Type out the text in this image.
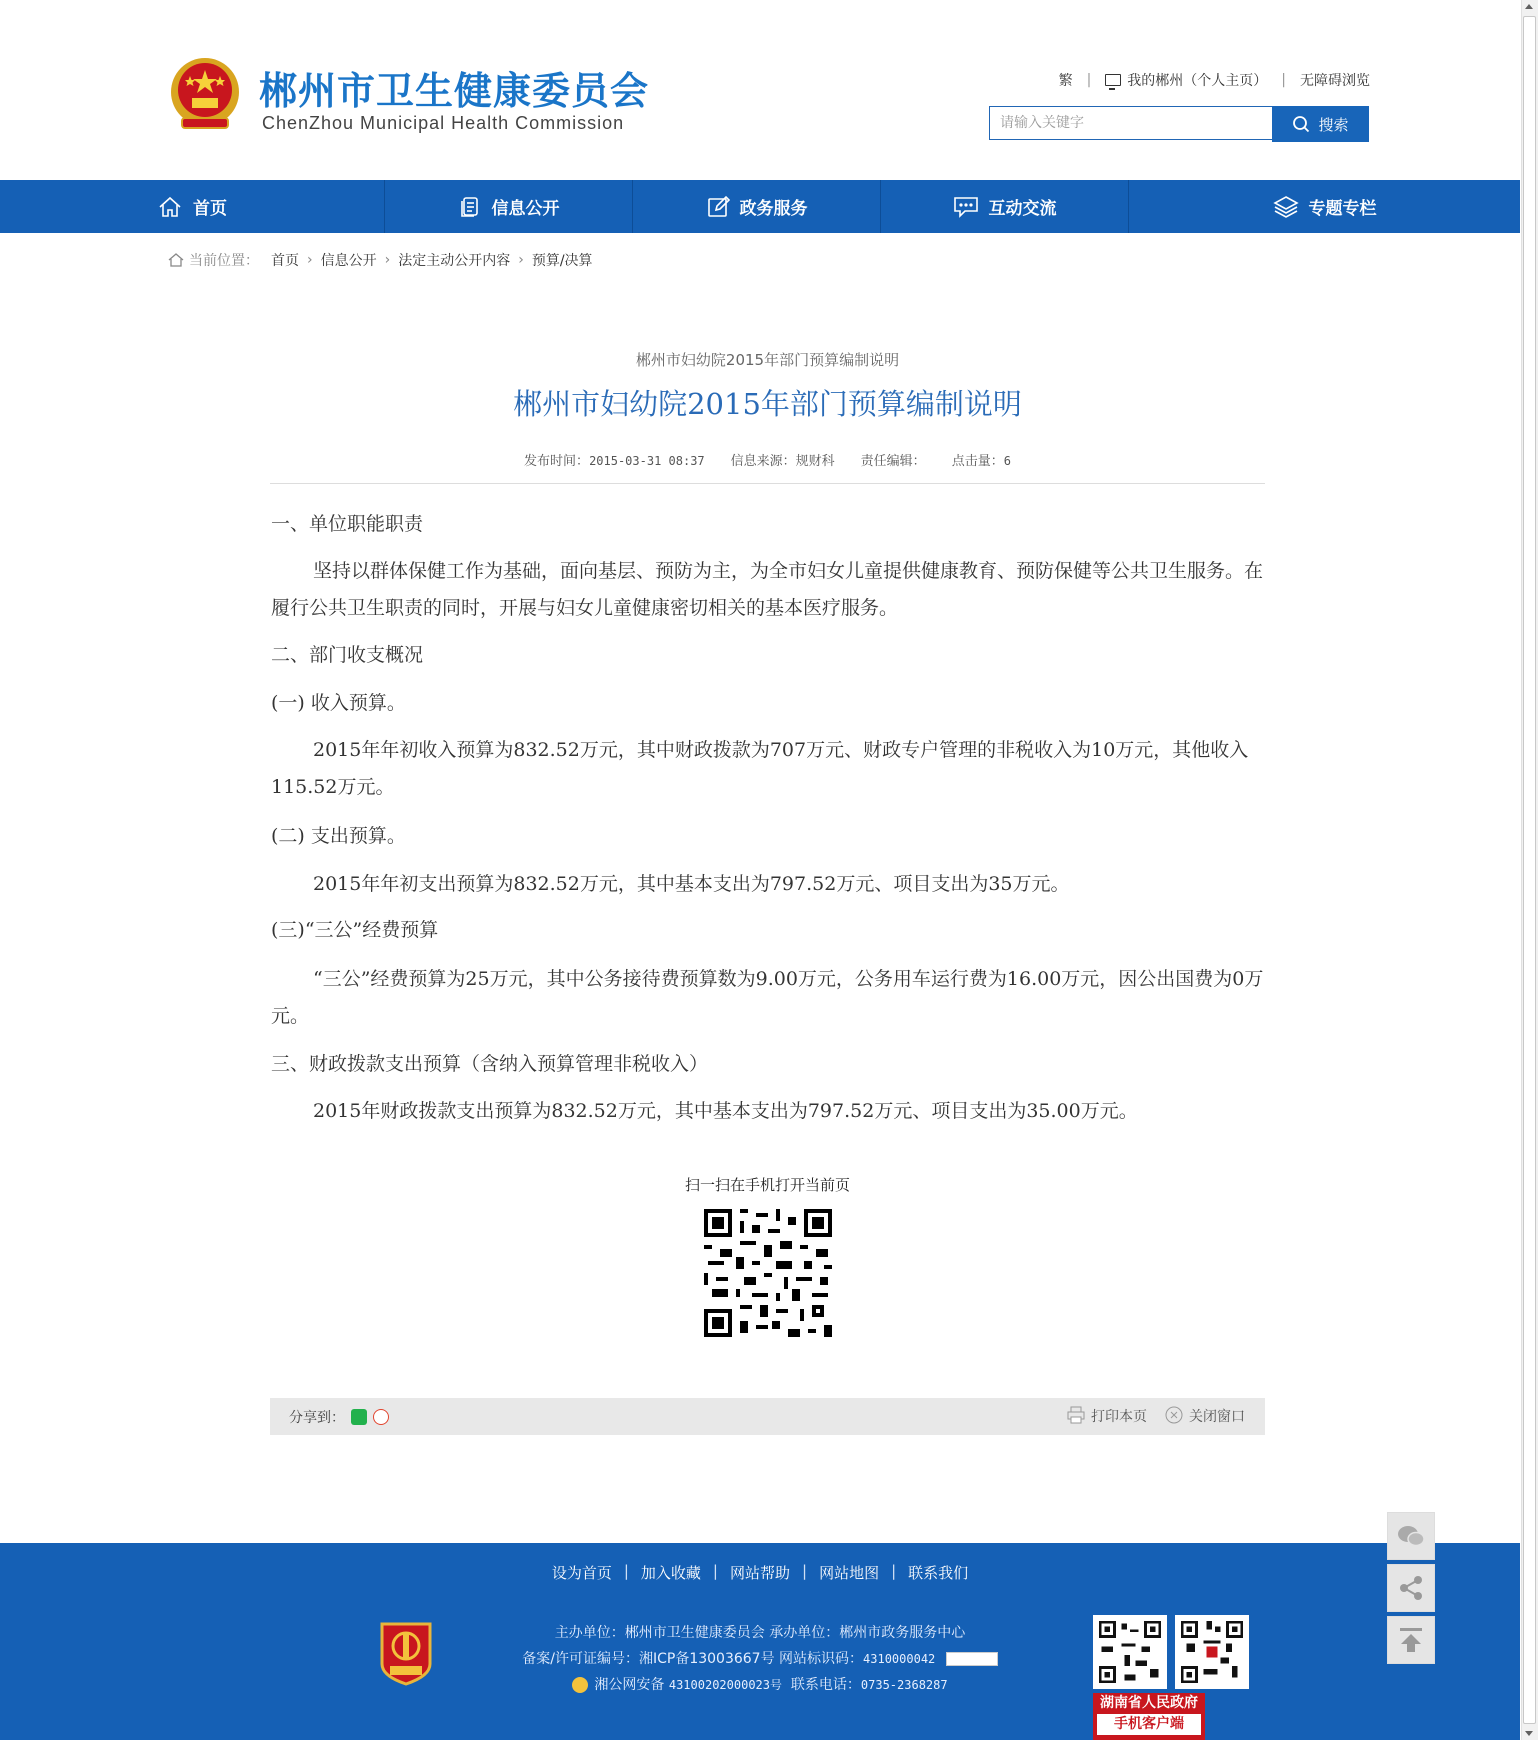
郴州市卫生健康委员会
ChenZhou Municipal Health Commission
繁 |	我的郴州（个人主页） | 无障碍浏览
请输入关键字	搜索
首页	信息公开	政务服务	互动交流	专题专栏
当前位置： 首页 › 信息公开 › 法定主动公开内容 › 预算/决算
郴州市妇幼院2015年部门预算编制说明
郴州市妇幼院2015年部门预算编制说明
发布时间：2015-03-31 08:37 信息来源：规财科 责任编辑： 点击量：6
一、单位职能职责
坚持以群体保健工作为基础，面向基层、预防为主，为全市妇女儿童提供健康教育、预防保健等公共卫生服务。在履行公共卫生职责的同时，开展与妇女儿童健康密切相关的基本医疗服务。
二、部门收支概况
(一) 收入预算。
2015年年初收入预算为832.52万元，其中财政拨款为707万元、财政专户管理的非税收入为10万元，其他收入115.52万元。
(二) 支出预算。
2015年年初支出预算为832.52万元，其中基本支出为797.52万元、项目支出为35万元。
(三)“三公”经费预算
“三公”经费预算为25万元，其中公务接待费预算数为9.00万元，公务用车运行费为16.00万元，因公出国费为0万元。
三、财政拨款支出预算（含纳入预算管理非税收入）
2015年财政拨款支出预算为832.52万元，其中基本支出为797.52万元、项目支出为35.00万元。
扫一扫在手机打开当前页
分享到：	打印本页	关闭窗口
设为首页 | 加入收藏 | 网站帮助 | 网站地图 | 联系我们
主办单位：郴州市卫生健康委员会 承办单位：郴州市政务服务中心
备案/许可证编号：湘ICP备13003667号 网站标识码：4310000042
湘公网安备 43100202000023号 联系电话：0735-2368287
湖南省人民政府
手机客户端
